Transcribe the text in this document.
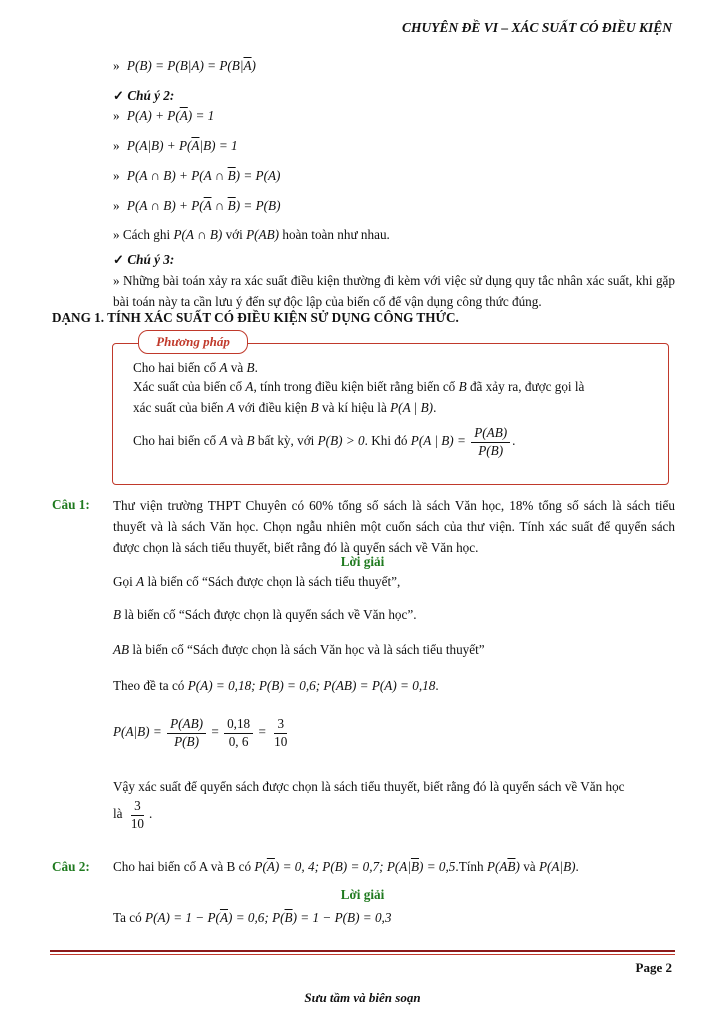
CHUYÊN ĐỀ VI – XÁC SUẤT CÓ ĐIỀU KIỆN
» $P(B) = P(B|A) = P(B|\overline{A})$
✓ Chú ý 2:
» $P(A) + P(\overline{A}) = 1$
» $P(A|B) + P(\overline{A}|B) = 1$
» P(A ∩ B) + P(A ∩ $\overline{B}) = P(A)$
» P(A ∩ $B) + P(\overline{A}$ ∩ $\overline{B}) = P(B)$
» Cách ghi P(A ∩ B) với P(AB) hoàn toàn như nhau.
✓ Chú ý 3:
» Những bài toán xảy ra xác suất điều kiện thường đi kèm với việc sử dụng quy tắc nhân xác suất, khi gặp bài toán này ta cần lưu ý đến sự độc lập của biến cố để vận dụng công thức đúng.
DẠNG 1. TÍNH XÁC SUẤT CÓ ĐIỀU KIỆN SỬ DỤNG CÔNG THỨC.
Phương pháp
Cho hai biến cố A và B.
Xác suất của biến cố A, tính trong điều kiện biết rằng biến cố B đã xảy ra, được gọi là
xác suất của biến A với điều kiện B và kí hiệu là P(A | B).
Cho hai biến cố A và B bất kỳ, với P(B) > 0. Khi đó P(A | $B) = \frac{P(AB)}{P(B)}$ .
Câu 1: Thư viện trường THPT Chuyên có 60% tổng số sách là sách Văn học, 18% tổng số sách là sách tiểu thuyết và là sách Văn học. Chọn ngẫu nhiên một cuốn sách của thư viện. Tính xác suất để quyển sách được chọn là sách tiểu thuyết, biết rằng đó là quyển sách về Văn học.
Lời giải
Gọi A là biến cố “Sách được chọn là sách tiểu thuyết”,
B là biến cố “Sách được chọn là quyển sách về Văn học”.
AB là biến cố “Sách được chọn là sách Văn học và là sách tiểu thuyết”
Theo đề ta có P(A) = 0,18; P(B) = 0,6; P(AB) = P(A) = 0,18.
$P(A|B) = \frac{P(AB)}{P(B)} = \frac{0,18}{0, 6} = \frac{3}{10}$
Vậy xác suất để quyển sách được chọn là sách tiểu thuyết, biết rằng đó là quyển sách về Văn học
là $\frac{3}{10}$ .
Câu 2: Cho hai biến cố A và B có $P(\overline{A}) = 0$, 4; P(B) = 0,7; $P(A|\overline{B})$ = 0,5.Tính $P(A\overline{B})$ và P(A|B).
Lời giải
Ta có $P(A) = 1 - P(\overline{A}) = 0,6$; $P(\overline{B}) = 1 - P(B) = 0,3$
Page 2
Sưu tầm và biên soạn
